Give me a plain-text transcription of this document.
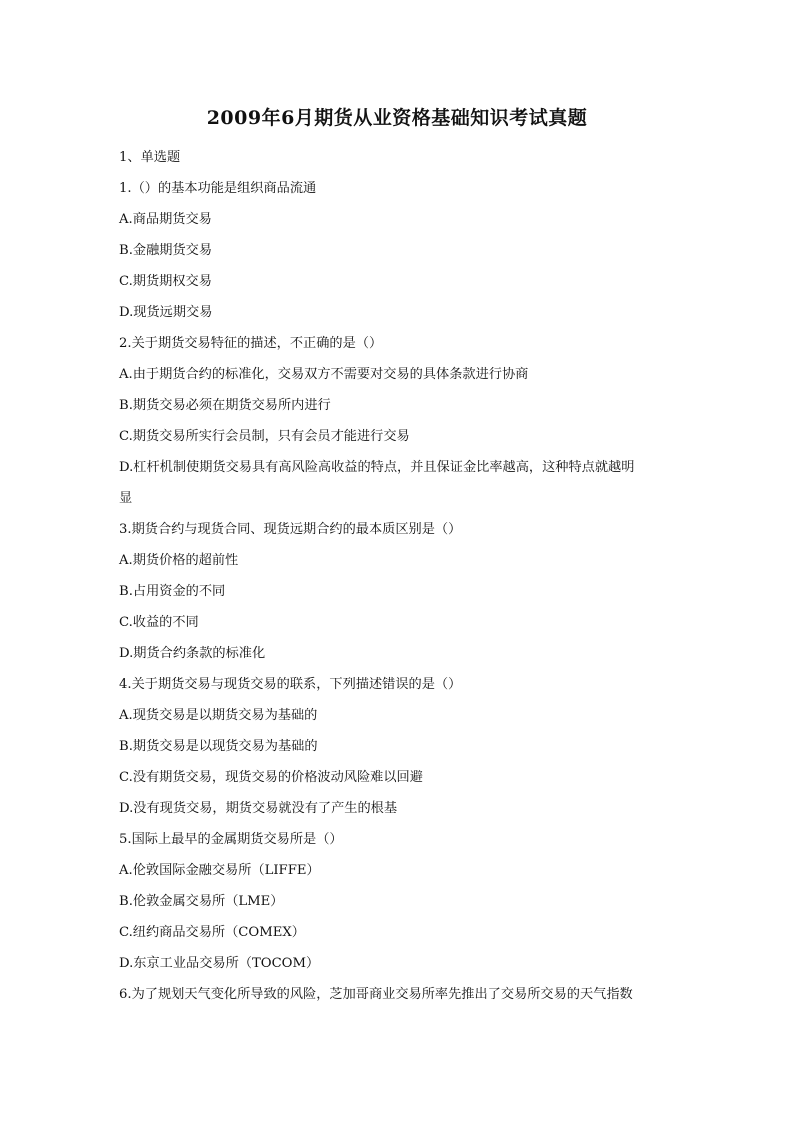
2009年6月期货从业资格基础知识考试真题
1、单选题
1.（）的基本功能是组织商品流通
A.商品期货交易
B.金融期货交易
C.期货期权交易
D.现货远期交易
2.关于期货交易特征的描述，不正确的是（）
A.由于期货合约的标准化，交易双方不需要对交易的具体条款进行协商
B.期货交易必须在期货交易所内进行
C.期货交易所实行会员制，只有会员才能进行交易
D.杠杆机制使期货交易具有高风险高收益的特点，并且保证金比率越高，这种特点就越明
显
3.期货合约与现货合同、现货远期合约的最本质区别是（）
A.期货价格的超前性
B.占用资金的不同
C.收益的不同
D.期货合约条款的标准化
4.关于期货交易与现货交易的联系，下列描述错误的是（）
A.现货交易是以期货交易为基础的
B.期货交易是以现货交易为基础的
C.没有期货交易，现货交易的价格波动风险难以回避
D.没有现货交易，期货交易就没有了产生的根基
5.国际上最早的金属期货交易所是（）
A.伦敦国际金融交易所（LIFFE）
B.伦敦金属交易所（LME）
C.纽约商品交易所（COMEX）
D.东京工业品交易所（TOCOM）
6.为了规划天气变化所导致的风险，芝加哥商业交易所率先推出了交易所交易的天气指数
